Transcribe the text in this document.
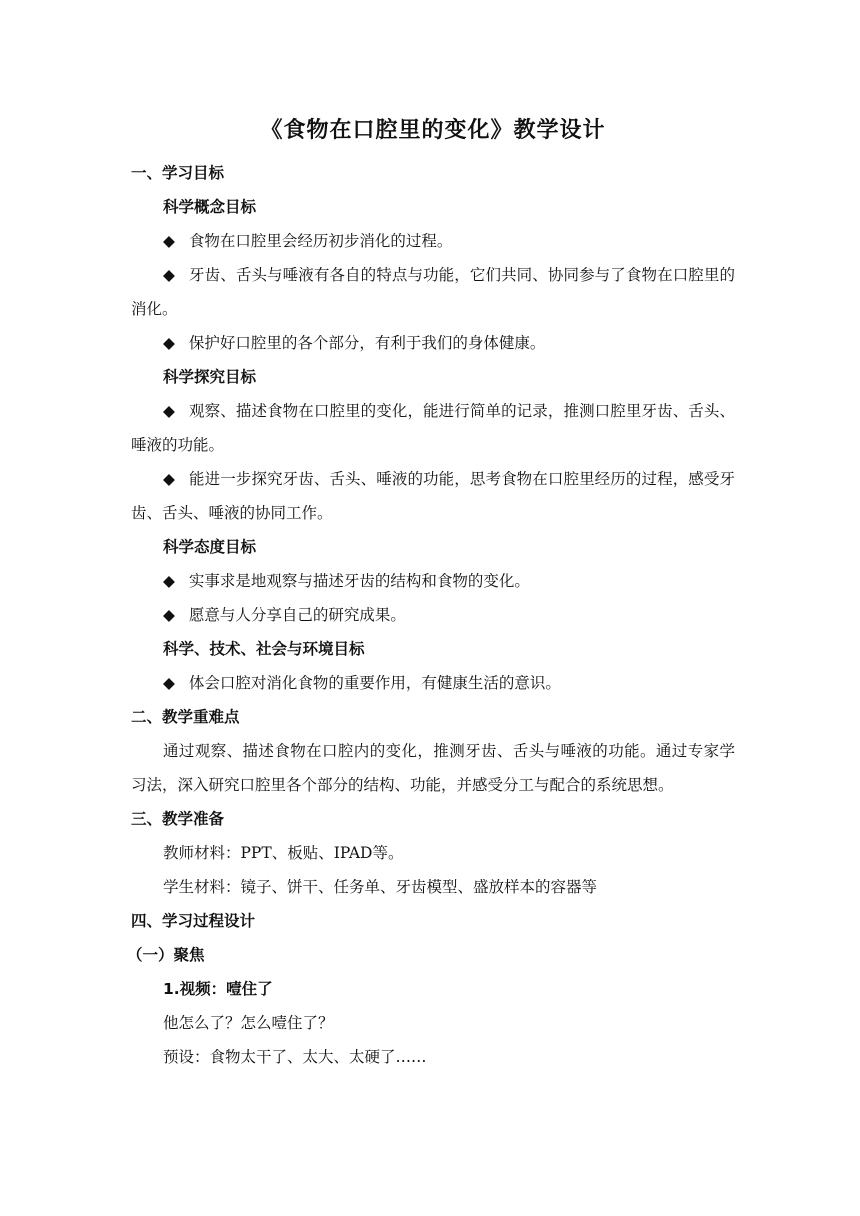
《食物在口腔里的变化》教学设计
一、学习目标
科学概念目标

◆ 食物在口腔里会经历初步消化的过程。

◆ 牙齿、舌头与唾液有各自的特点与功能，它们共同、协同参与了食物在口腔里的消化。

◆ 保护好口腔里的各个部分，有利于我们的身体健康。

科学探究目标

◆ 观察、描述食物在口腔里的变化，能进行简单的记录，推测口腔里牙齿、舌头、唾液的功能。

◆ 能进一步探究牙齿、舌头、唾液的功能，思考食物在口腔里经历的过程，感受牙齿、舌头、唾液的协同工作。

科学态度目标

◆ 实事求是地观察与描述牙齿的结构和食物的变化。

◆ 愿意与人分享自己的研究成果。

科学、技术、社会与环境目标

◆ 体会口腔对消化食物的重要作用，有健康生活的意识。

二、教学重难点

通过观察、描述食物在口腔内的变化，推测牙齿、舌头与唾液的功能。通过专家学习法，深入研究口腔里各个部分的结构、功能，并感受分工与配合的系统思想。

三、教学准备

教师材料：PPT、板贴、IPAD等。

学生材料：镜子、饼干、任务单、牙齿模型、盛放样本的容器等

四、学习过程设计
（一）聚焦
1.视频：噎住了

他怎么了？怎么噎住了？

预设：食物太干了、太大、太硬了……
